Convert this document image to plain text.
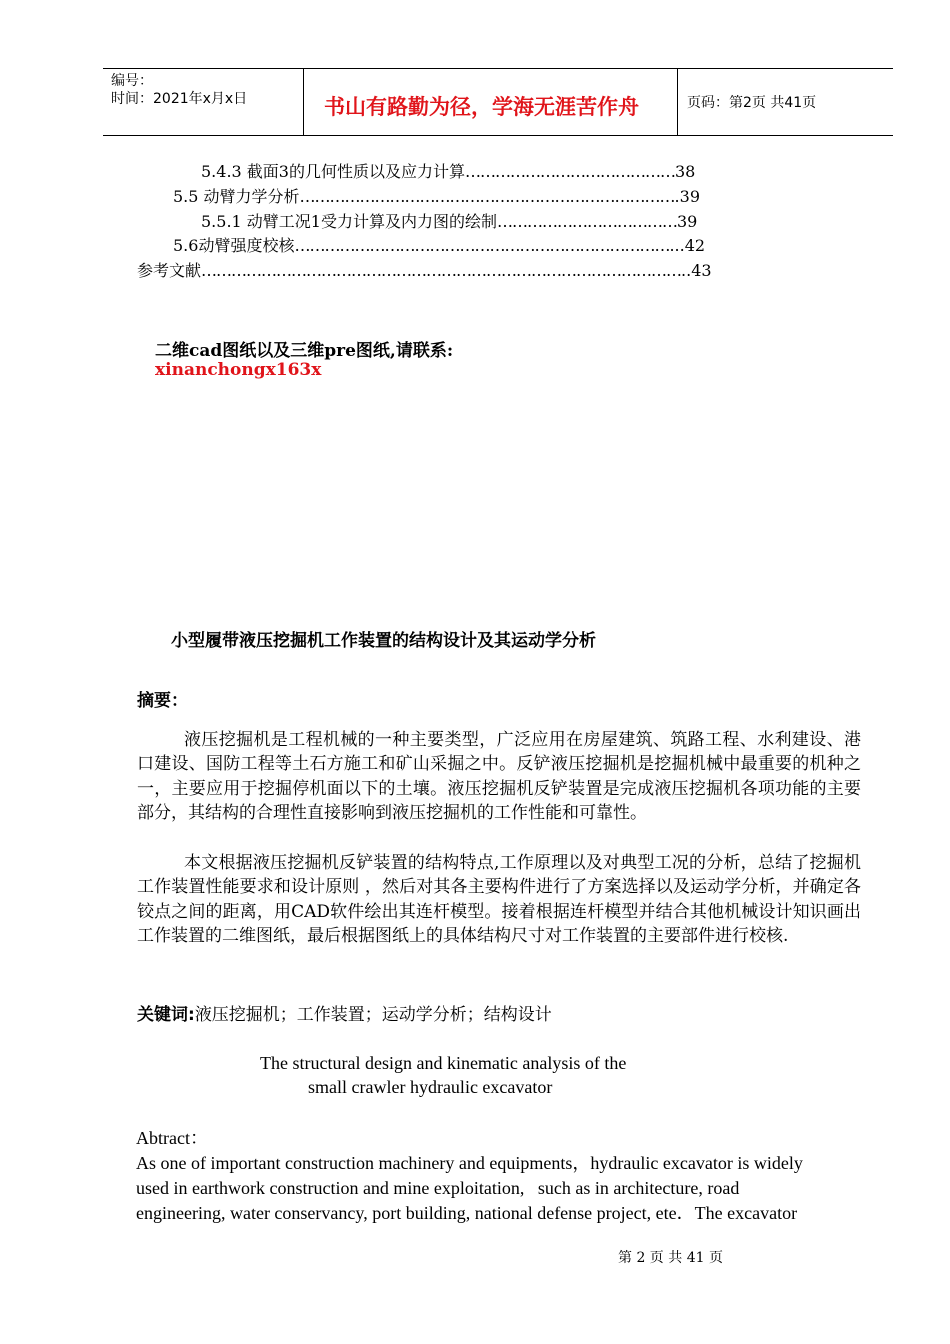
编号：
时间：2021年x月x日	书山有路勤为径，学海无涯苦作舟	页码：第2页 共41页
5.4.3 截面3的几何性质以及应力计算……………………………………38
5.5 动臂力学分析………………………………………………………………….39
5.5.1 动臂工况1受力计算及内力图的绘制………………………………39
5.6动臂强度校核…………………………………………………………………...42
参考文献……………………………………………………………………………………..43
二维cad图纸以及三维pre图纸,请联系:
xinanchongx163x
小型履带液压挖掘机工作装置的结构设计及其运动学分析
摘要：
液压挖掘机是工程机械的一种主要类型，广泛应用在房屋建筑、筑路工程、水利建设、港口建设、国防工程等土石方施工和矿山采掘之中。反铲液压挖掘机是挖掘机械中最重要的机种之一，主要应用于挖掘停机面以下的土壤。液压挖掘机反铲装置是完成液压挖掘机各项功能的主要部分，其结构的合理性直接影响到液压挖掘机的工作性能和可靠性。
本文根据液压挖掘机反铲装置的结构特点,工作原理以及对典型工况的分析，总结了挖掘机工作装置性能要求和设计原则 ，然后对其各主要构件进行了方案选择以及运动学分析，并确定各铰点之间的距离，用CAD软件绘出其连杆模型。接着根据连杆模型并结合其他机械设计知识画出工作装置的二维图纸，最后根据图纸上的具体结构尺寸对工作装置的主要部件进行校核.
关键词:液压挖掘机；工作装置；运动学分析；结构设计
The structural design and kinematic analysis of the
small crawler hydraulic excavator
Abtract：
As one of important construction machinery and equipments，hydraulic excavator is widely
used in earthwork construction and mine exploitation,   such as in architecture, road
engineering, water conservancy, port building, national defense project, ete．The excavator
第 2 页 共 41 页
